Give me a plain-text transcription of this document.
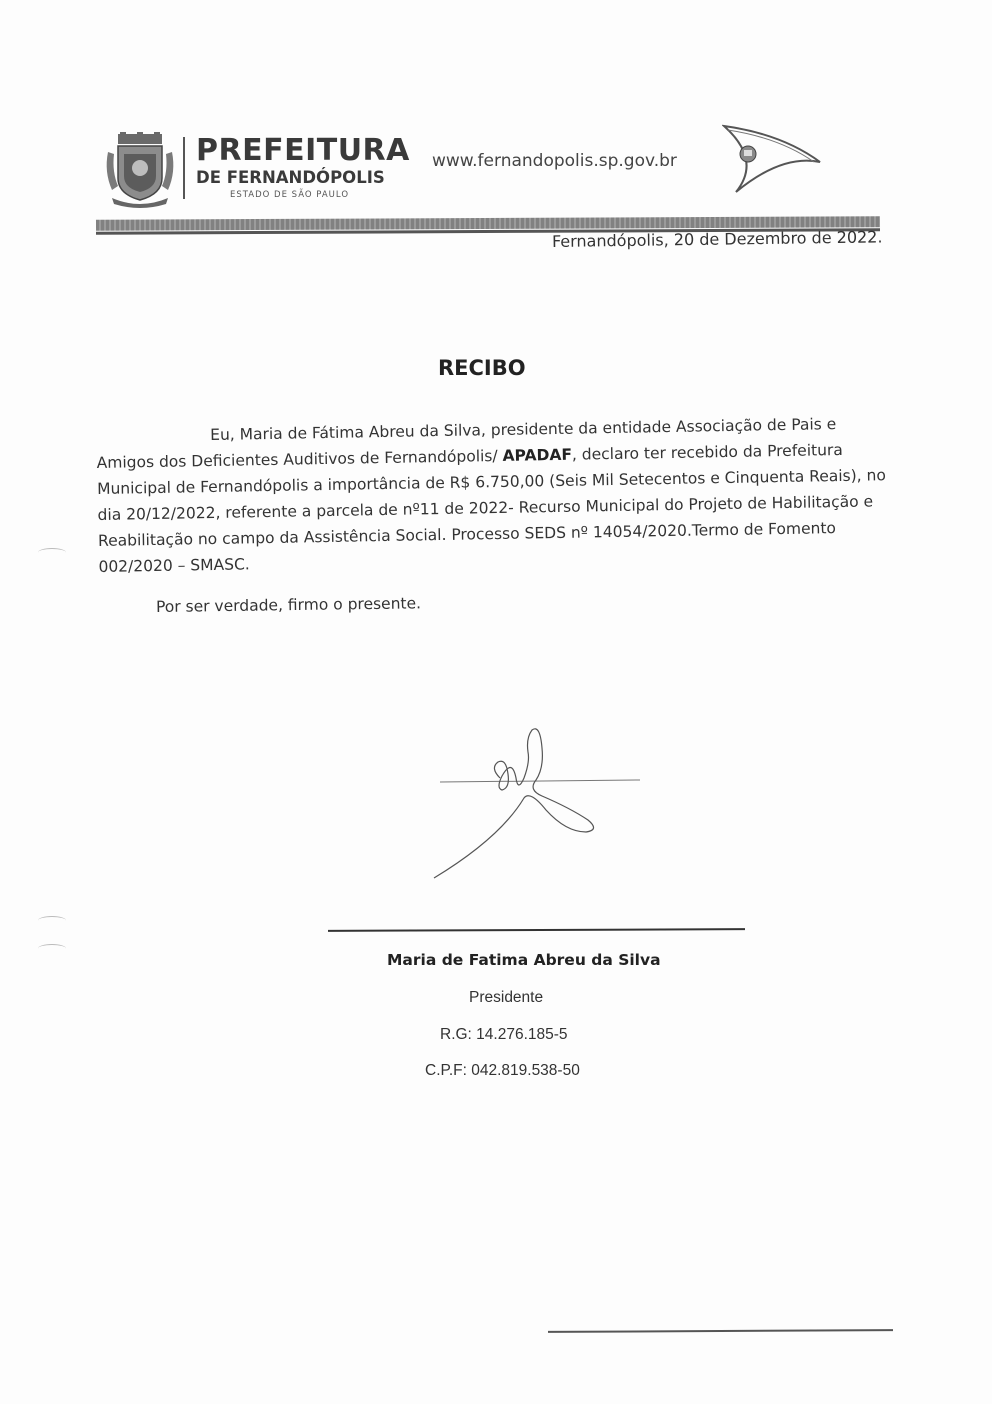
PREFEITURA
DE FERNANDÓPOLIS
ESTADO DE SÃO PAULO
www.fernandopolis.sp.gov.br
Fernandópolis, 20 de Dezembro de 2022.
RECIBO

Eu, Maria de Fátima Abreu da Silva, presidente da entidade Associação de Pais e Amigos dos Deficientes Auditivos de Fernandópolis/ APADAF, declaro ter recebido da Prefeitura Municipal de Fernandópolis a importância de R$ 6.750,00 (Seis Mil Setecentos e Cinquenta Reais), no dia 20/12/2022, referente a parcela de nº11 de 2022- Recurso Municipal do Projeto de Habilitação e Reabilitação no campo da Assistência Social. Processo SEDS nº 14054/2020.Termo de Fomento 002/2020 – SMASC.

Por ser verdade, firmo o presente.
Maria de Fatima Abreu da Silva
Presidente
R.G: 14.276.185-5
C.P.F: 042.819.538-50
